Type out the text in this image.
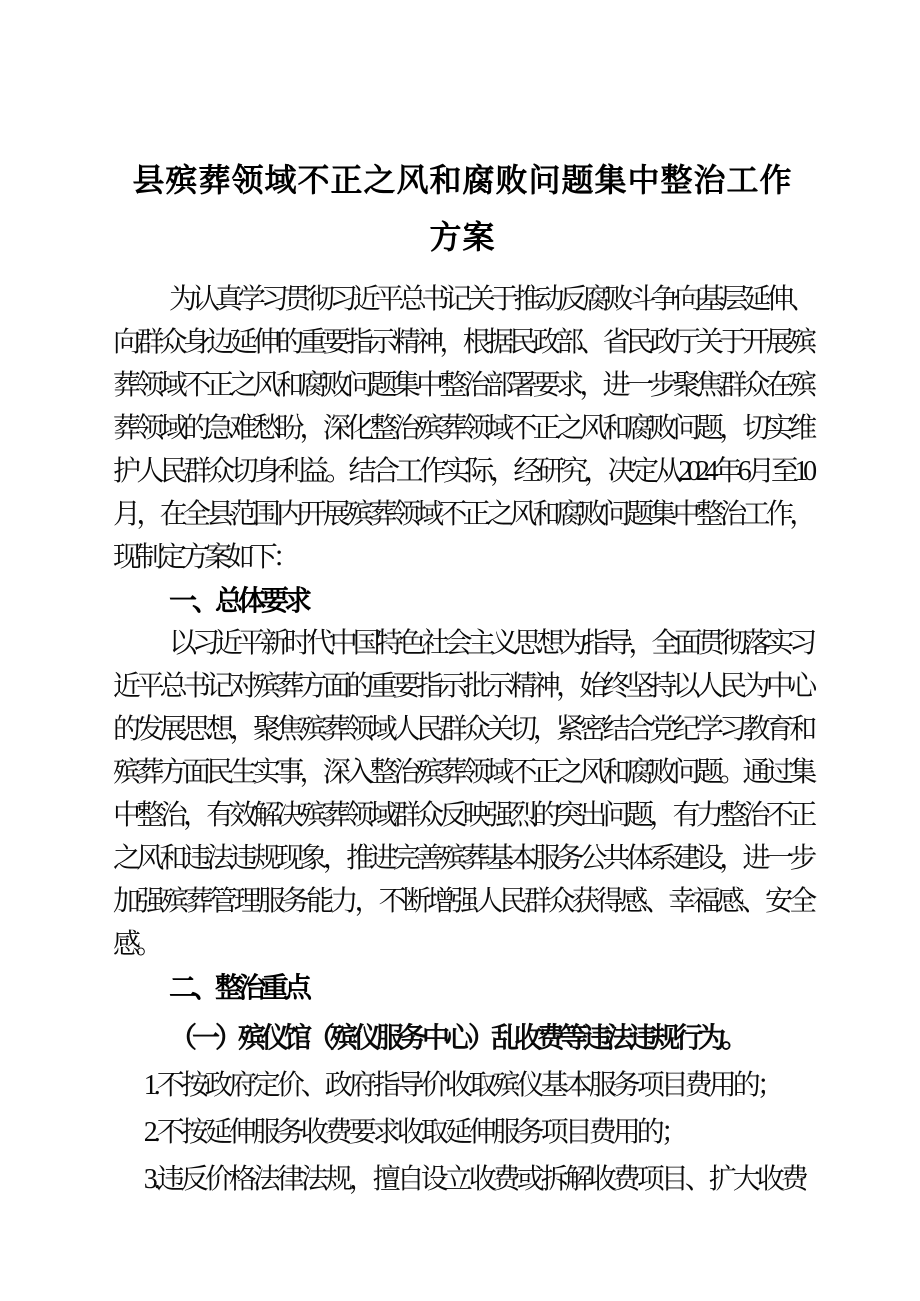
县殡葬领域不正之风和腐败问题集中整治工作方案

为认真学习贯彻习近平总书记关于推动反腐败斗争向基层延伸、向群众身边延伸的重要指示精神，根据民政部、省民政厅关于开展殡葬领域不正之风和腐败问题集中整治部署要求，进一步聚焦群众在殡葬领域的急难愁盼，深化整治殡葬领域不正之风和腐败问题，切实维护人民群众切身利益。结合工作实际，经研究，决定从2024年6月至10月，在全县范围内开展殡葬领域不正之风和腐败问题集中整治工作，现制定方案如下：

一、总体要求

以习近平新时代中国特色社会主义思想为指导，全面贯彻落实习近平总书记对殡葬方面的重要指示批示精神，始终坚持以人民为中心的发展思想，聚焦殡葬领域人民群众关切，紧密结合党纪学习教育和殡葬方面民生实事，深入整治殡葬领域不正之风和腐败问题。通过集中整治，有效解决殡葬领域群众反映强烈的突出问题，有力整治不正之风和违法违规现象，推进完善殡葬基本服务公共体系建设，进一步加强殡葬管理服务能力，不断增强人民群众获得感、幸福感、安全感。

二、整治重点
（一）殡仪馆（殡仪服务中心）乱收费等违法违规行为。

1.不按政府定价、政府指导价收取殡仪基本服务项目费用的；

2.不按延伸服务收费要求收取延伸服务项目费用的；

3.违反价格法律法规，擅自设立收费或拆解收费项目、扩大收费
